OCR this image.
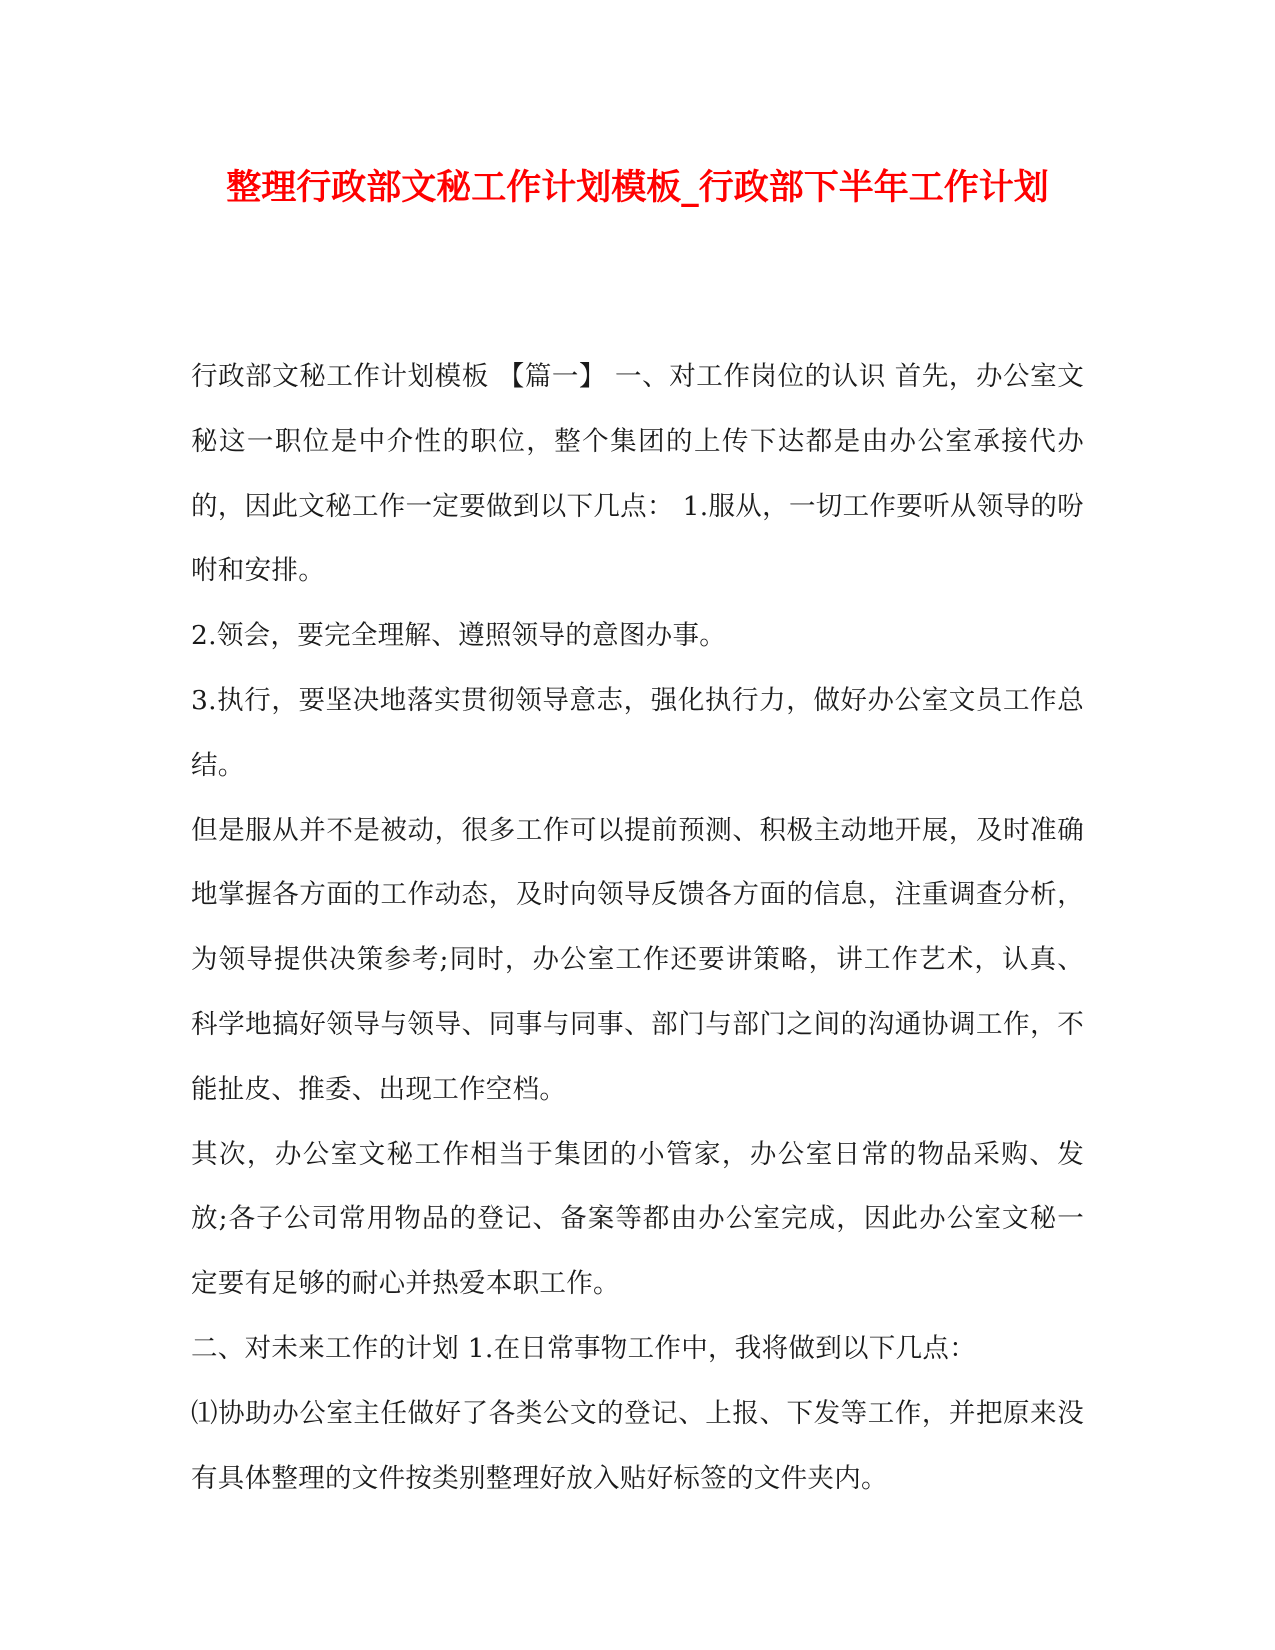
整理行政部文秘工作计划模板_行政部下半年工作计划

行政部文秘工作计划模板 【篇一】 一、对工作岗位的认识 首先，办公室文秘这一职位是中介性的职位，整个集团的上传下达都是由办公室承接代办的，因此文秘工作一定要做到以下几点： 1.服从，一切工作要听从领导的吩咐和安排。

2.领会，要完全理解、遵照领导的意图办事。

3.执行，要坚决地落实贯彻领导意志，强化执行力，做好办公室文员工作总结。

但是服从并不是被动，很多工作可以提前预测、积极主动地开展，及时准确地掌握各方面的工作动态，及时向领导反馈各方面的信息，注重调查分析，为领导提供决策参考;同时，办公室工作还要讲策略，讲工作艺术，认真、科学地搞好领导与领导、同事与同事、部门与部门之间的沟通协调工作，不能扯皮、推委、出现工作空档。

其次，办公室文秘工作相当于集团的小管家，办公室日常的物品采购、发放;各子公司常用物品的登记、备案等都由办公室完成，因此办公室文秘一定要有足够的耐心并热爱本职工作。

二、对未来工作的计划 1.在日常事物工作中，我将做到以下几点：

⑴协助办公室主任做好了各类公文的登记、上报、下发等工作，并把原来没有具体整理的文件按类别整理好放入贴好标签的文件夹内。
